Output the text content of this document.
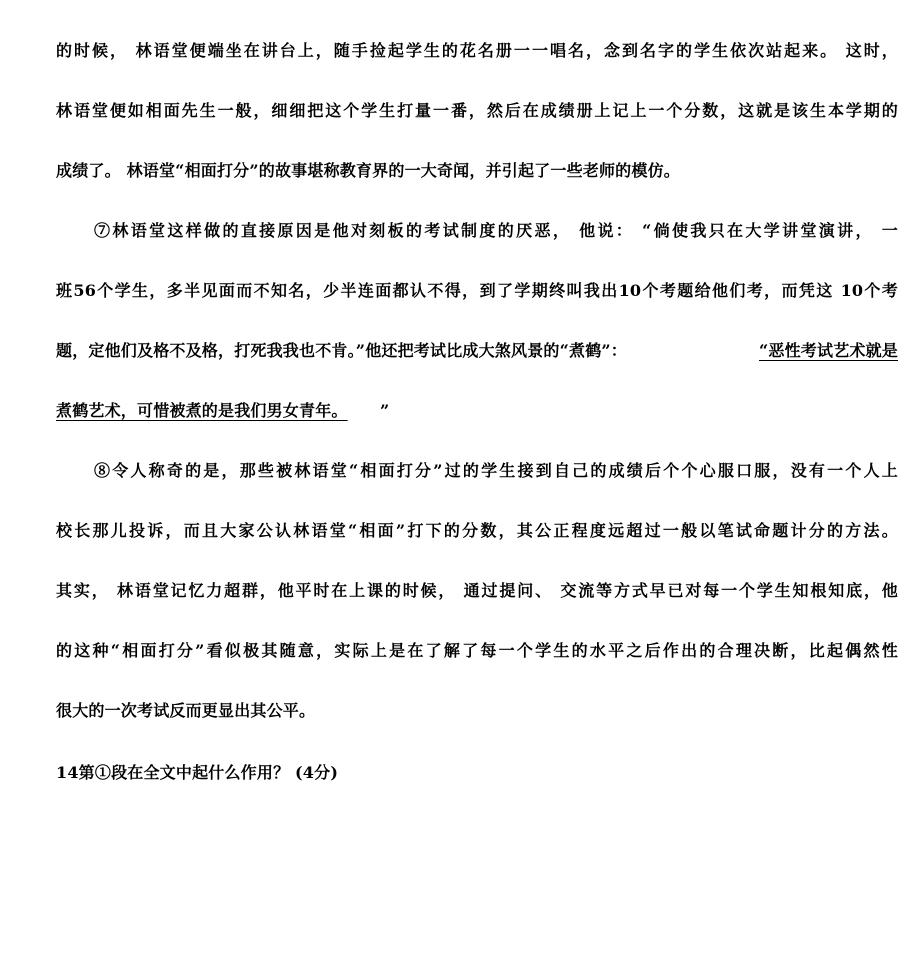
的时候， 林语堂便端坐在讲台上，随手捡起学生的花名册一一唱名，念到名字的学生依次站起来。 这时，
林语堂便如相面先生一般，细细把这个学生打量一番，然后在成绩册上记上一个分数，这就是该生本学期的
成绩了。 林语堂“相面打分”的故事堪称教育界的一大奇闻，并引起了一些老师的模仿。
⑦林语堂这样做的直接原因是他对刻板的考试制度的厌恶， 他说： “倘使我只在大学讲堂演讲， 一
班56个学生，多半见面而不知名，少半连面都认不得，到了学期终叫我出10个考题给他们考，而凭这 10个考
题，定他们及格不及格，打死我我也不肯。”他还把考试比成大煞风景的“煮鹤”：	“恶性考试艺术就是
煮鹤艺术，可惜被煮的是我们男女青年。	”
⑧令人称奇的是，那些被林语堂“相面打分”过的学生接到自己的成绩后个个心服口服，没有一个人上
校长那儿投诉，而且大家公认林语堂“相面”打下的分数，其公正程度远超过一般以笔试命题计分的方法。
其实， 林语堂记忆力超群，他平时在上课的时候， 通过提问、 交流等方式早已对每一个学生知根知底，他
的这种“相面打分”看似极其随意，实际上是在了解了每一个学生的水平之后作出的合理决断，比起偶然性
很大的一次考试反而更显出其公平。
14第①段在全文中起什么作用？ (4分)
